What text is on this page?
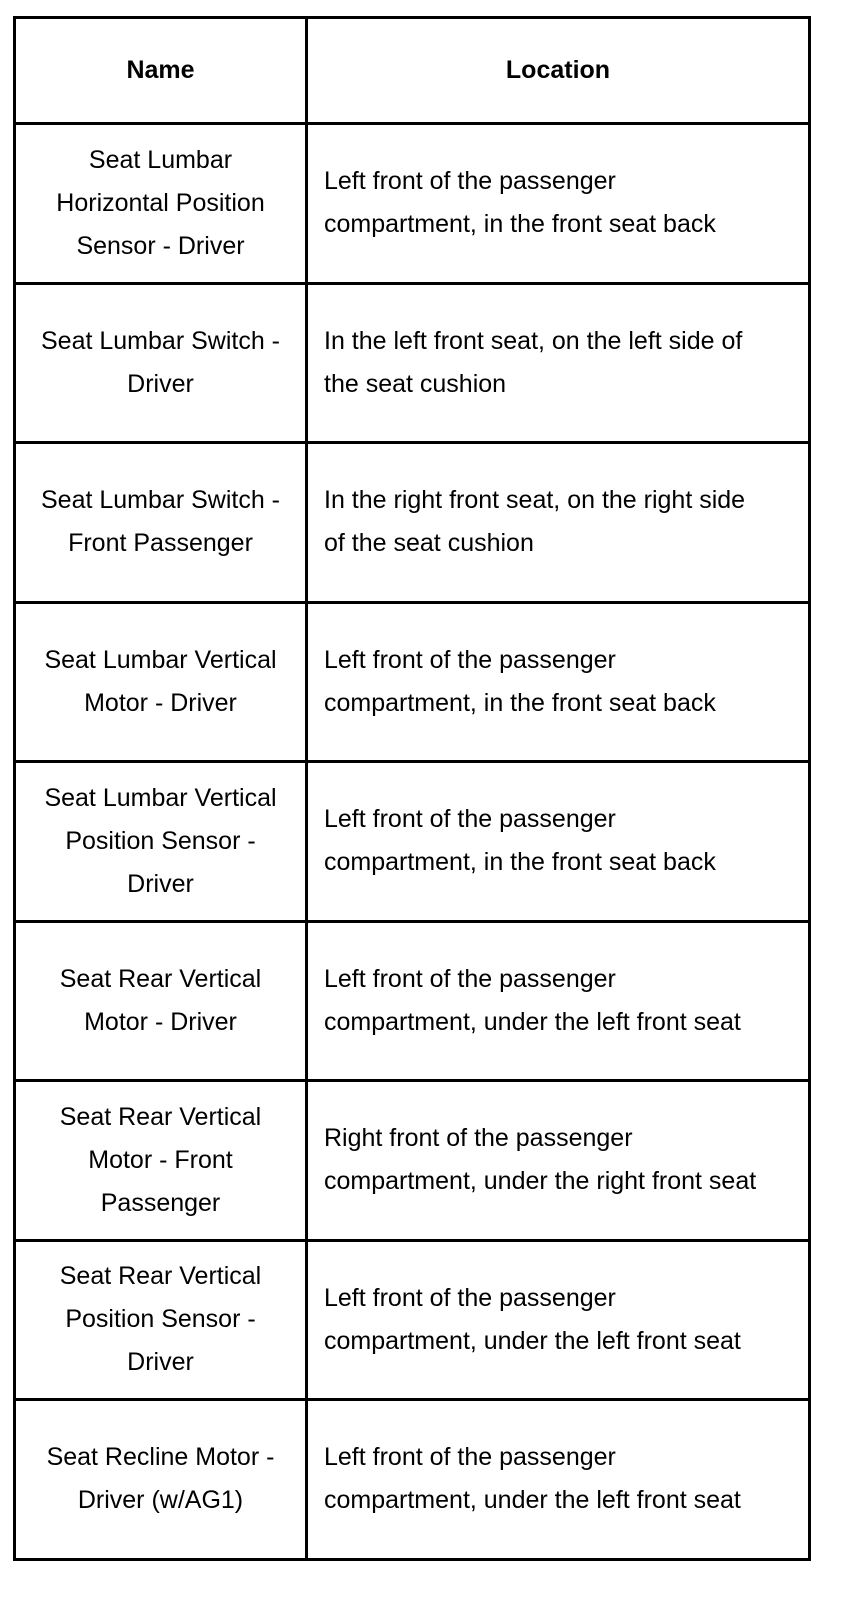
Name	Location

Seat Lumbar Horizontal Position Sensor - Driver	Left front of the passenger compartment, in the front seat back

Seat Lumbar Switch - Driver	In the left front seat, on the left side of the seat cushion

Seat Lumbar Switch - Front Passenger	In the right front seat, on the right side of the seat cushion

Seat Lumbar Vertical Motor - Driver	Left front of the passenger compartment, in the front seat back

Seat Lumbar Vertical Position Sensor - Driver	Left front of the passenger compartment, in the front seat back

Seat Rear Vertical Motor - Driver	Left front of the passenger compartment, under the left front seat

Seat Rear Vertical Motor - Front Passenger	Right front of the passenger compartment, under the right front seat

Seat Rear Vertical Position Sensor - Driver	Left front of the passenger compartment, under the left front seat

Seat Recline Motor - Driver (w/AG1)	Left front of the passenger compartment, under the left front seat
